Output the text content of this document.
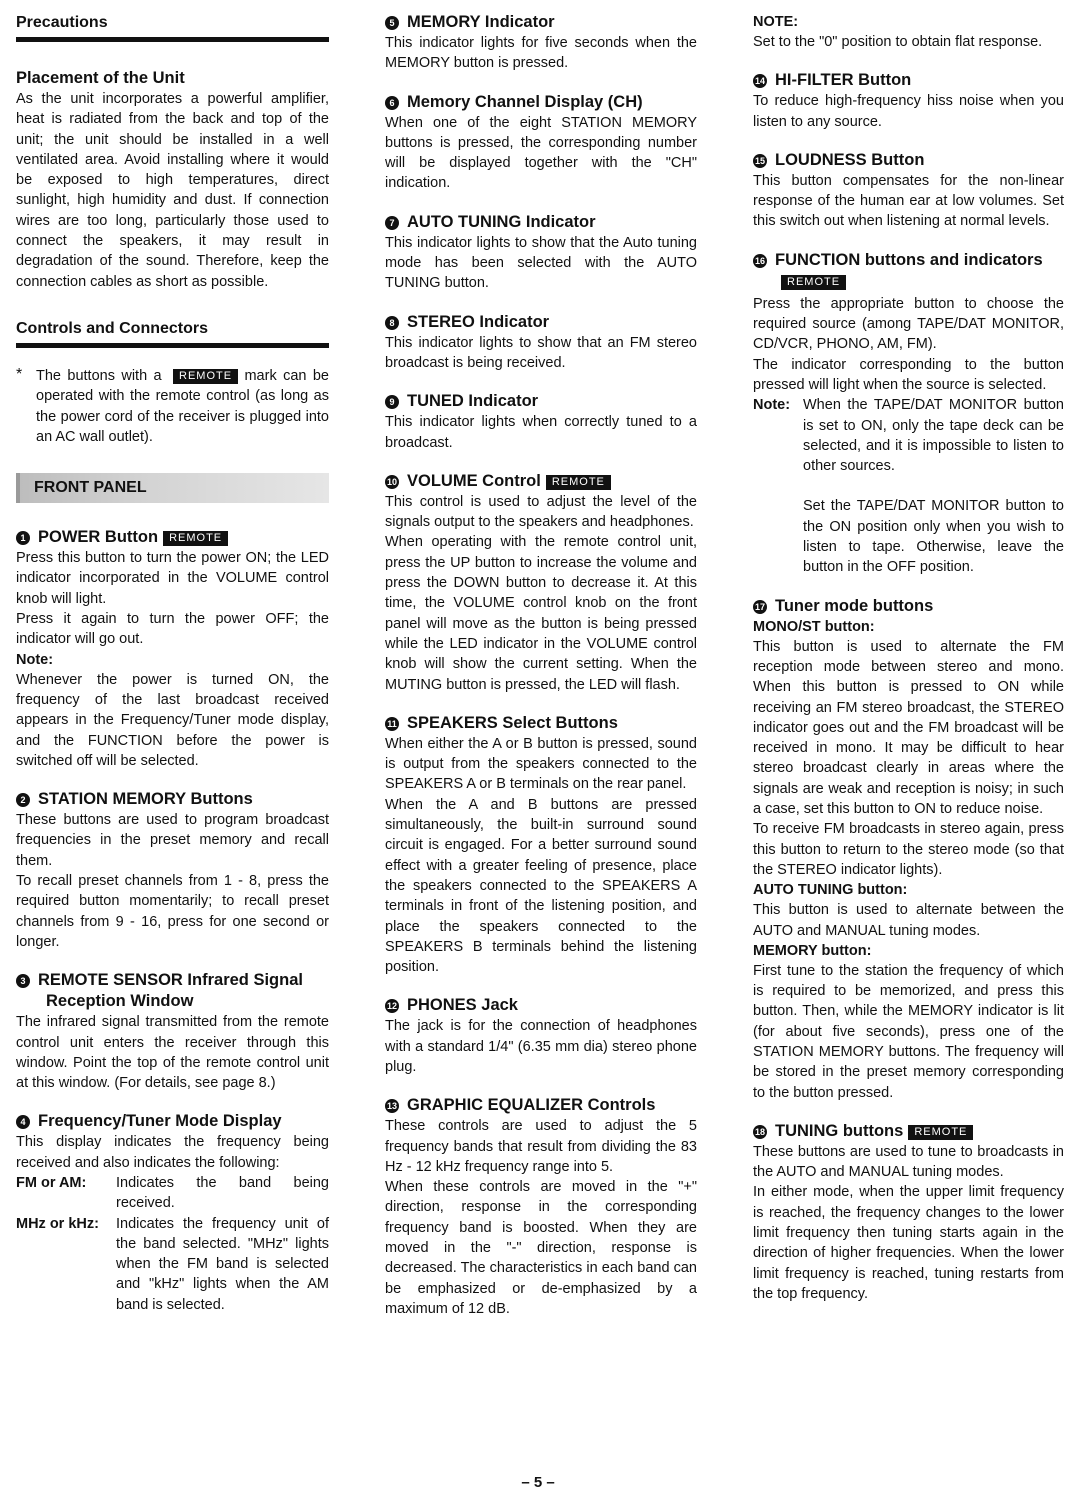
Precautions
Placement of the Unit

As the unit incorporates a powerful amplifier, heat is radiated from the back and top of the unit; the unit should be installed in a well ventilated area. Avoid installing where it would be exposed to high temperatures, direct sunlight, high humidity and dust. If connection wires are too long, particularly those used to connect the speakers, it may result in degradation of the sound. Therefore, keep the connection cables as short as possible.

Controls and Connectors
* The buttons with a REMOTE mark can be operated with the remote control (as long as the power cord of the receiver is plugged into an AC wall outlet).

FRONT PANEL
1 POWER Button REMOTE

Press this button to turn the power ON; the LED indicator incorporated in the VOLUME control knob will light.

Press it again to turn the power OFF; the indicator will go out.

Note:

Whenever the power is turned ON, the frequency of the last broadcast received appears in the Frequency/Tuner mode display, and the FUNCTION before the power is switched off will be selected.

2 STATION MEMORY Buttons

These buttons are used to program broadcast frequencies in the preset memory and recall them.

To recall preset channels from 1 - 8, press the required button momentarily; to recall preset channels from 9 - 16, press for one second or longer.

3 REMOTE SENSOR Infrared Signal Reception Window

The infrared signal transmitted from the remote control unit enters the receiver through this window. Point the top of the remote control unit at this window. (For details, see page 8.)

4 Frequency/Tuner Mode Display

This display indicates the frequency being received and also indicates the following:

FM or AM:	Indicates the band being received.

MHz or kHz:	Indicates the frequency unit of the band selected. "MHz" lights when the FM band is selected and "kHz" lights when the AM band is selected.

5 MEMORY Indicator

This indicator lights for five seconds when the MEMORY button is pressed.

6 Memory Channel Display (CH)

When one of the eight STATION MEMORY buttons is pressed, the corresponding number will be displayed together with the "CH" indication.

7 AUTO TUNING Indicator

This indicator lights to show that the Auto tuning mode has been selected with the AUTO TUNING button.

8 STEREO Indicator

This indicator lights to show that an FM stereo broadcast is being received.

9 TUNED Indicator

This indicator lights when correctly tuned to a broadcast.

10 VOLUME Control REMOTE

This control is used to adjust the level of the signals output to the speakers and headphones.

When operating with the remote control unit, press the UP button to increase the volume and press the DOWN button to decrease it. At this time, the VOLUME control knob on the front panel will move as the button is being pressed while the LED indicator in the VOLUME control knob will show the current setting. When the MUTING button is pressed, the LED will flash.

11 SPEAKERS Select Buttons

When either the A or B button is pressed, sound is output from the speakers connected to the SPEAKERS A or B terminals on the rear panel.

When the A and B buttons are pressed simultaneously, the built-in surround sound circuit is engaged. For a better surround sound effect with a greater feeling of presence, place the speakers connected to the SPEAKERS A terminals in front of the listening position, and place the speakers connected to the SPEAKERS B terminals behind the listening position.

12 PHONES Jack

The jack is for the connection of headphones with a standard 1/4" (6.35 mm dia) stereo phone plug.

13 GRAPHIC EQUALIZER Controls

These controls are used to adjust the 5 frequency bands that result from dividing the 83 Hz - 12 kHz frequency range into 5.

When these controls are moved in the "+" direction, response in the corresponding frequency band is boosted. When they are moved in the "-" direction, response is decreased. The characteristics in each band can be emphasized or de-emphasized by a maximum of 12 dB.

NOTE:

Set to the "0" position to obtain flat response.

14 HI-FILTER Button

To reduce high-frequency hiss noise when you listen to any source.

15 LOUDNESS Button

This button compensates for the non-linear response of the human ear at low volumes. Set this switch out when listening at normal levels.

16 FUNCTION buttons and indicators
REMOTE

Press the appropriate button to choose the required source (among TAPE/DAT MONITOR, CD/VCR, PHONO, AM, FM).

The indicator corresponding to the button pressed will light when the source is selected.

Note: When the TAPE/DAT MONITOR button is set to ON, only the tape deck can be selected, and it is impossible to listen to other sources.

Set the TAPE/DAT MONITOR button to the ON position only when you wish to listen to tape. Otherwise, leave the button in the OFF position.

17 Tuner mode buttons
MONO/ST button:

This button is used to alternate the FM reception mode between stereo and mono. When this button is pressed to ON while receiving an FM stereo broadcast, the STEREO indicator goes out and the FM broadcast will be received in mono. It may be difficult to hear stereo broadcast clearly in areas where the signals are weak and reception is noisy; in such a case, set this button to ON to reduce noise.

To receive FM broadcasts in stereo again, press this button to return to the stereo mode (so that the STEREO indicator lights).

AUTO TUNING button:

This button is used to alternate between the AUTO and MANUAL tuning modes.

MEMORY button:

First tune to the station the frequency of which is required to be memorized, and press this button. Then, while the MEMORY indicator is lit (for about five seconds), press one of the STATION MEMORY buttons. The frequency will be stored in the preset memory corresponding to the button pressed.

18 TUNING buttons REMOTE

These buttons are used to tune to broadcasts in the AUTO and MANUAL tuning modes.

In either mode, when the upper limit frequency is reached, the frequency changes to the lower limit frequency then tuning starts again in the direction of higher frequencies. When the lower limit frequency is reached, tuning restarts from the top frequency.

– 5 –
